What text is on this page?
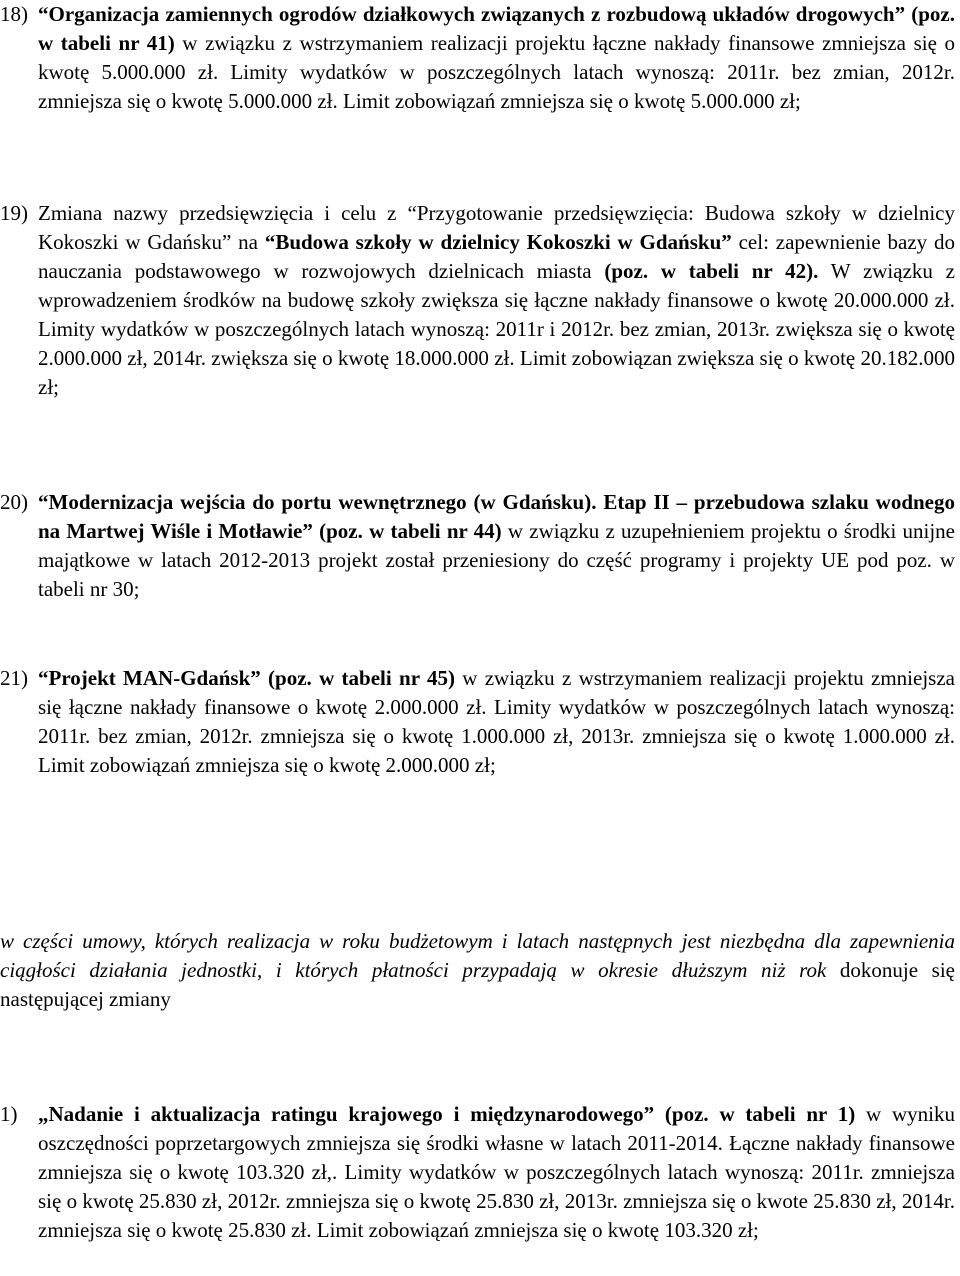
18) “Organizacja zamiennych ogrodów działkowych związanych z rozbudową układów drogowych” (poz. w tabeli nr 41) w związku z wstrzymaniem realizacji projektu łączne nakłady finansowe zmniejsza się o kwotę 5.000.000 zł. Limity wydatków w poszczególnych latach wynoszą: 2011r. bez zmian, 2012r. zmniejsza się o kwotę 5.000.000 zł. Limit zobowiązań zmniejsza się o kwotę 5.000.000 zł;
19) Zmiana nazwy przedsięwzięcia i celu z “Przygotowanie przedsięwzięcia: Budowa szkoły w dzielnicy Kokoszki w Gdańsku” na “Budowa szkoły w dzielnicy Kokoszki w Gdańsku” cel: zapewnienie bazy do nauczania podstawowego w rozwojowych dzielnicach miasta (poz. w tabeli nr 42). W związku z wprowadzeniem środków na budowę szkoły zwiększa się łączne nakłady finansowe o kwotę 20.000.000 zł. Limity wydatków w poszczególnych latach wynoszą: 2011r i 2012r. bez zmian, 2013r. zwiększa się o kwotę 2.000.000 zł, 2014r. zwiększa się o kwotę 18.000.000 zł. Limit zobowiązan zwiększa się o kwotę 20.182.000 zł;
20) “Modernizacja wejścia do portu wewnętrznego (w Gdańsku). Etap II – przebudowa szlaku wodnego na Martwej Wiśle i Motławie” (poz. w tabeli nr 44) w związku z uzupełnieniem projektu o środki unijne majątkowe w latach 2012-2013 projekt został przeniesiony do część programy i projekty UE pod poz. w tabeli nr 30;
21) “Projekt MAN-Gdańsk” (poz. w tabeli nr 45) w związku z wstrzymaniem realizacji projektu zmniejsza się łączne nakłady finansowe o kwotę 2.000.000 zł. Limity wydatków w poszczególnych latach wynoszą: 2011r. bez zmian, 2012r. zmniejsza się o kwotę 1.000.000 zł, 2013r. zmniejsza się o kwotę 1.000.000 zł. Limit zobowiązań zmniejsza się o kwotę 2.000.000 zł;
w części umowy, których realizacja w roku budżetowym i latach następnych jest niezbędna dla zapewnienia ciągłości działania jednostki, i których płatności przypadają w okresie dłuższym niż rok dokonuje się następującej zmiany
1) „Nadanie i aktualizacja ratingu krajowego i międzynarodowego” (poz. w tabeli nr 1) w wyniku oszczędności poprzetargowych zmniejsza się środki własne w latach 2011-2014. Łączne nakłady finansowe zmniejsza się o kwotę 103.320 zł,. Limity wydatków w poszczególnych latach wynoszą: 2011r. zmniejsza się o kwotę 25.830 zł, 2012r. zmniejsza się o kwotę 25.830 zł, 2013r. zmniejsza się o kwote 25.830 zł, 2014r. zmniejsza się o kwotę 25.830 zł. Limit zobowiązań zmniejsza się o kwotę 103.320 zł;
